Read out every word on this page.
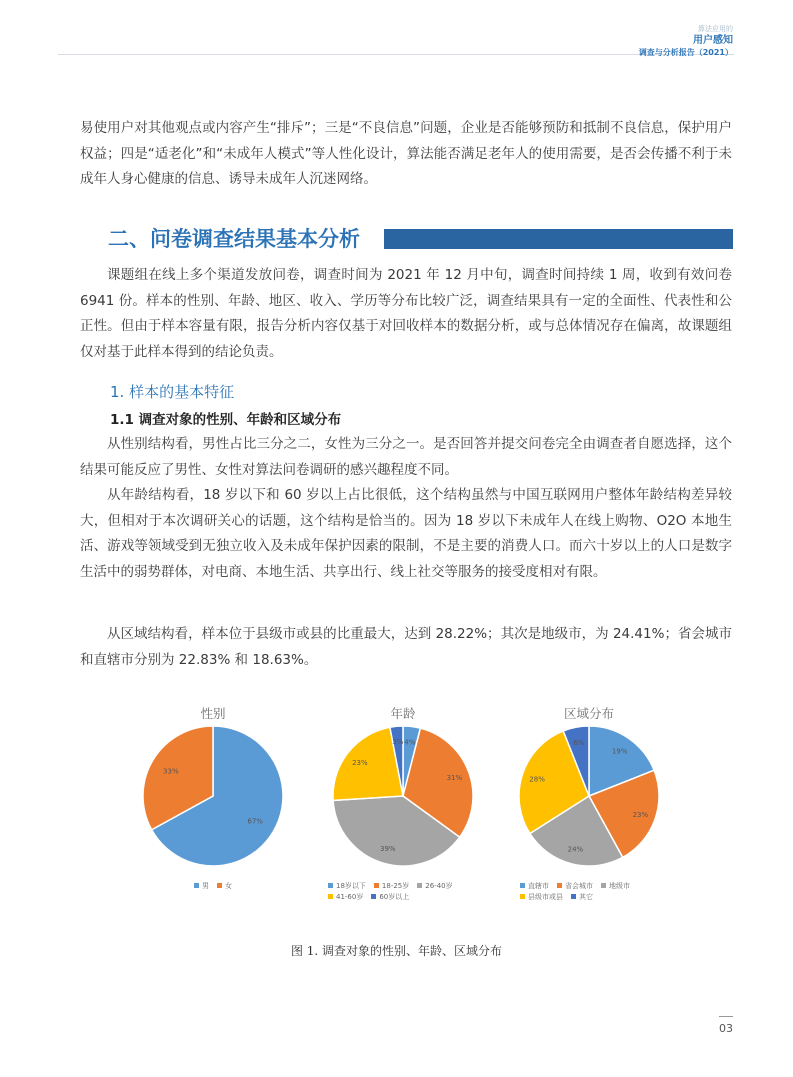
算法应用的
用户感知
调查与分析报告（2021）
易使用户对其他观点或内容产生“排斥”；三是“不良信息”问题，企业是否能够预防和抵制不良信息，保护用户权益；四是“适老化”和“未成年人模式”等人性化设计，算法能否满足老年人的使用需要，是否会传播不利于未成年人身心健康的信息、诱导未成年人沉迷网络。
二、问卷调查结果基本分析
课题组在线上多个渠道发放问卷，调查时间为 2021 年 12 月中旬，调查时间持续 1 周，收到有效问卷 6941 份。样本的性别、年龄、地区、收入、学历等分布比较广泛，调查结果具有一定的全面性、代表性和公正性。但由于样本容量有限，报告分析内容仅基于对回收样本的数据分析，或与总体情况存在偏离，故课题组仅对基于此样本得到的结论负责。
1. 样本的基本特征
1.1 调查对象的性别、年龄和区域分布
从性别结构看，男性占比三分之二，女性为三分之一。是否回答并提交问卷完全由调查者自愿选择，这个结果可能反应了男性、女性对算法问卷调研的感兴趣程度不同。
从年龄结构看，18 岁以下和 60 岁以上占比很低，这个结构虽然与中国互联网用户整体年龄结构差异较大，但相对于本次调研关心的话题，这个结构是恰当的。因为 18 岁以下未成年人在线上购物、O2O 本地生活、游戏等领域受到无独立收入及未成年保护因素的限制，不是主要的消费人口。而六十岁以上的人口是数字生活中的弱势群体，对电商、本地生活、共享出行、线上社交等服务的接受度相对有限。
从区域结构看，样本位于县级市或县的比重最大，达到 28.22%；其次是地级市，为 24.41%；省会城市和直辖市分别为 22.83% 和 18.63%。
性别
67%
33%
男 女
年龄
4%
31%
39%
23%
3%
18岁以下 18-25岁 26-40岁
41-60岁 60岁以上
区域分布
19%
23%
24%
28%
6%
直辖市 省会城市 地级市
县级市或县 其它
图 1. 调查对象的性别、年龄、区域分布
03
